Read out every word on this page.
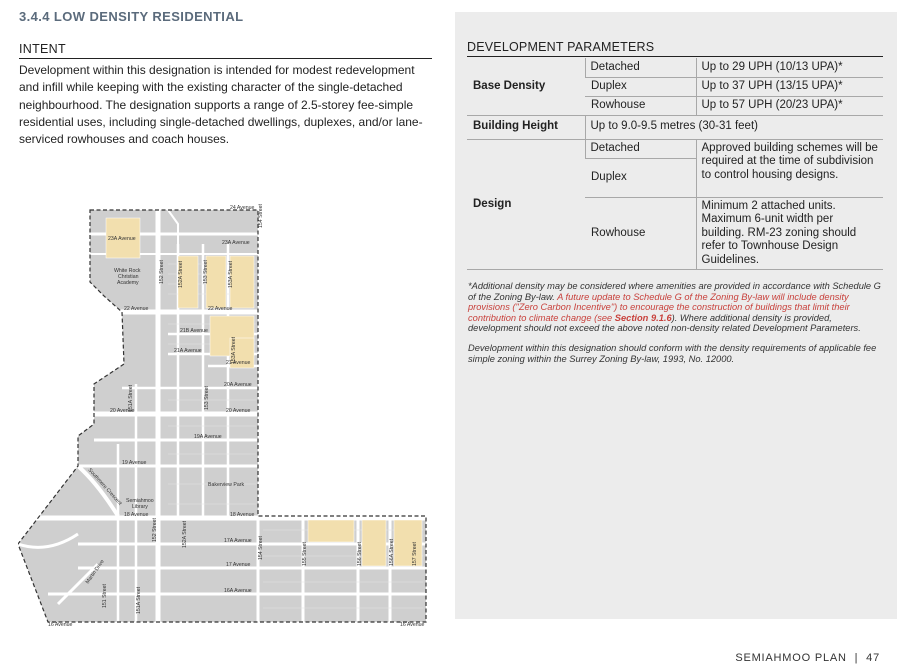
3.4.4 LOW DENSITY RESIDENTIAL
INTENT
Development within this designation is intended for modest redevelopment and infill while keeping with the existing character of the single-detached neighbourhood. The designation supports a range of 2.5-storey fee-simple residential uses, including single-detached dwellings, duplexes, and/or lane-serviced rowhouses and coach houses.
24 Avenue
23A Avenue
23A Avenue
154 Street
White Rock
Christian
Academy	152 Street	152A Street	153 Street	153A Street
22 Avenue	22 Avenue
21B Avenue
21A Avenue
21 Avenue
153A Street
20A Avenue
151A Street	153 Street
20 Avenue	20 Avenue
19A Avenue
19 Avenue
Bakerview Park
Southmere Crescent Semiahmoo
Library
18 Avenue	18 Avenue
152 Street	152A Street	17A Avenue 154 Street	155 Street	156 Street	156A Street	157 Street
17 Avenue
Martin Drive
16A Avenue
151 Street	151A Street
16 Avenue	16 Avenue
DEVELOPMENT PARAMETERS
Base Density	Detached	Up to 29 UPH (10/13 UPA)*
	Duplex	Up to 37 UPH (13/15 UPA)*
	Rowhouse	Up to 57 UPH (20/23 UPA)*
Building Height	Up to 9.0-9.5 metres (30-31 feet)	
Design	Detached	Approved building schemes will be required at the time of subdivision to control housing designs.
	Duplex	
	Rowhouse	Minimum 2 attached units. Maximum 6-unit width per building. RM-23 zoning should refer to Townhouse Design Guidelines.

*Additional density may be considered where amenities are provided in accordance with Schedule G of the Zoning By-law. A future update to Schedule G of the Zoning By-law will include density provisions ("Zero Carbon Incentive") to encourage the construction of buildings that limit their contribution to climate change (see Section 9.1.6). Where additional density is provided, development should not exceed the above noted non-density related Development Parameters.

Development within this designation should conform with the density requirements of applicable fee simple zoning within the Surrey Zoning By-law, 1993, No. 12000.

SEMIAHMOO PLAN | 47
